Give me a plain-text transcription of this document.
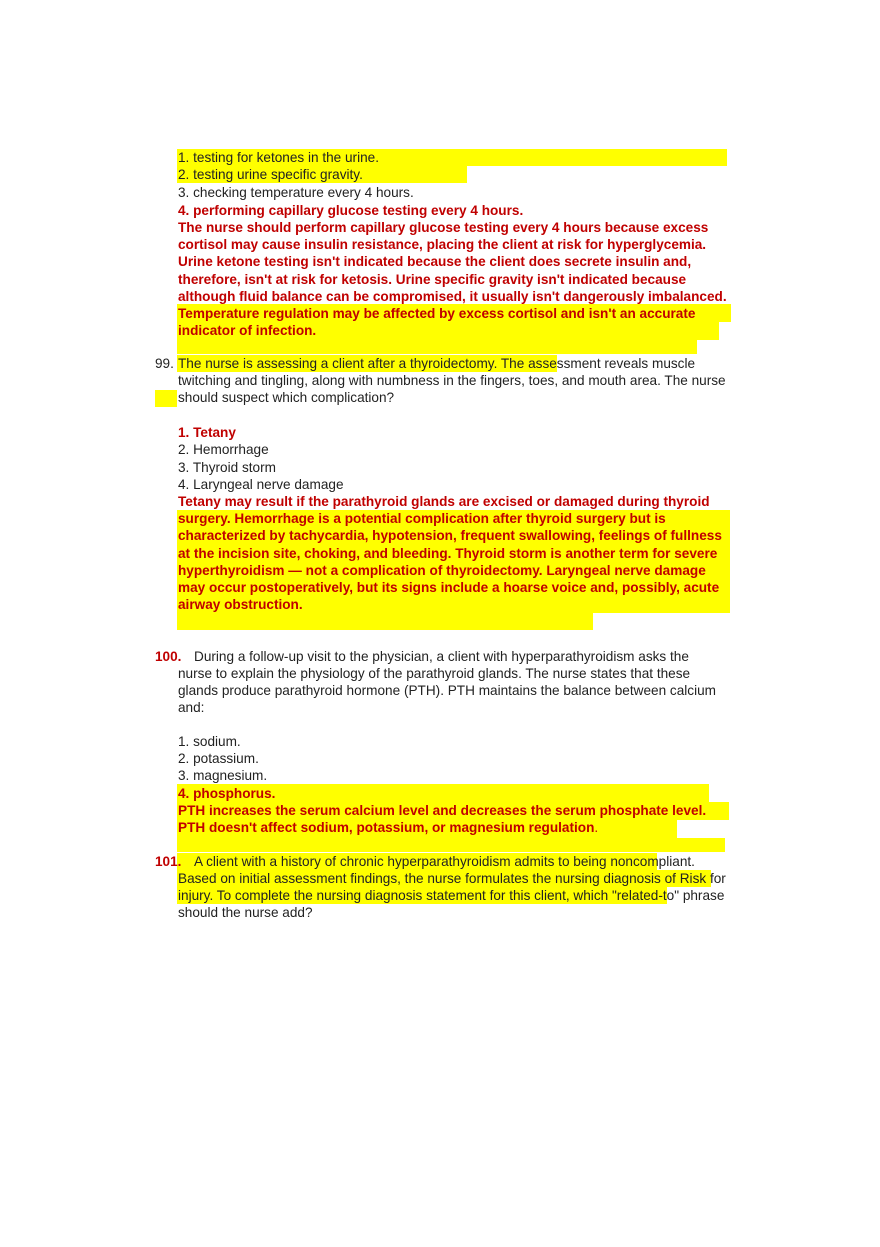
1. testing for ketones in the urine.
2. testing urine specific gravity.
3. checking temperature every 4 hours.
4. performing capillary glucose testing every 4 hours.
The nurse should perform capillary glucose testing every 4 hours because excess cortisol may cause insulin resistance, placing the client at risk for hyperglycemia. Urine ketone testing isn't indicated because the client does secrete insulin and, therefore, isn't at risk for ketosis. Urine specific gravity isn't indicated because although fluid balance can be compromised, it usually isn't dangerously imbalanced. Temperature regulation may be affected by excess cortisol and isn't an accurate indicator of infection.
99. The nurse is assessing a client after a thyroidectomy. The assessment reveals muscle twitching and tingling, along with numbness in the fingers, toes, and mouth area. The nurse should suspect which complication?
1. Tetany
2. Hemorrhage
3. Thyroid storm
4. Laryngeal nerve damage
Tetany may result if the parathyroid glands are excised or damaged during thyroid surgery. Hemorrhage is a potential complication after thyroid surgery but is characterized by tachycardia, hypotension, frequent swallowing, feelings of fullness at the incision site, choking, and bleeding. Thyroid storm is another term for severe hyperthyroidism — not a complication of thyroidectomy. Laryngeal nerve damage may occur postoperatively, but its signs include a hoarse voice and, possibly, acute airway obstruction.
100. During a follow-up visit to the physician, a client with hyperparathyroidism asks the nurse to explain the physiology of the parathyroid glands. The nurse states that these glands produce parathyroid hormone (PTH). PTH maintains the balance between calcium and:
1. sodium.
2. potassium.
3. magnesium.
4. phosphorus.
PTH increases the serum calcium level and decreases the serum phosphate level. PTH doesn't affect sodium, potassium, or magnesium regulation.
101. A client with a history of chronic hyperparathyroidism admits to being noncompliant. Based on initial assessment findings, the nurse formulates the nursing diagnosis of Risk for injury. To complete the nursing diagnosis statement for this client, which "related-to" phrase should the nurse add?
